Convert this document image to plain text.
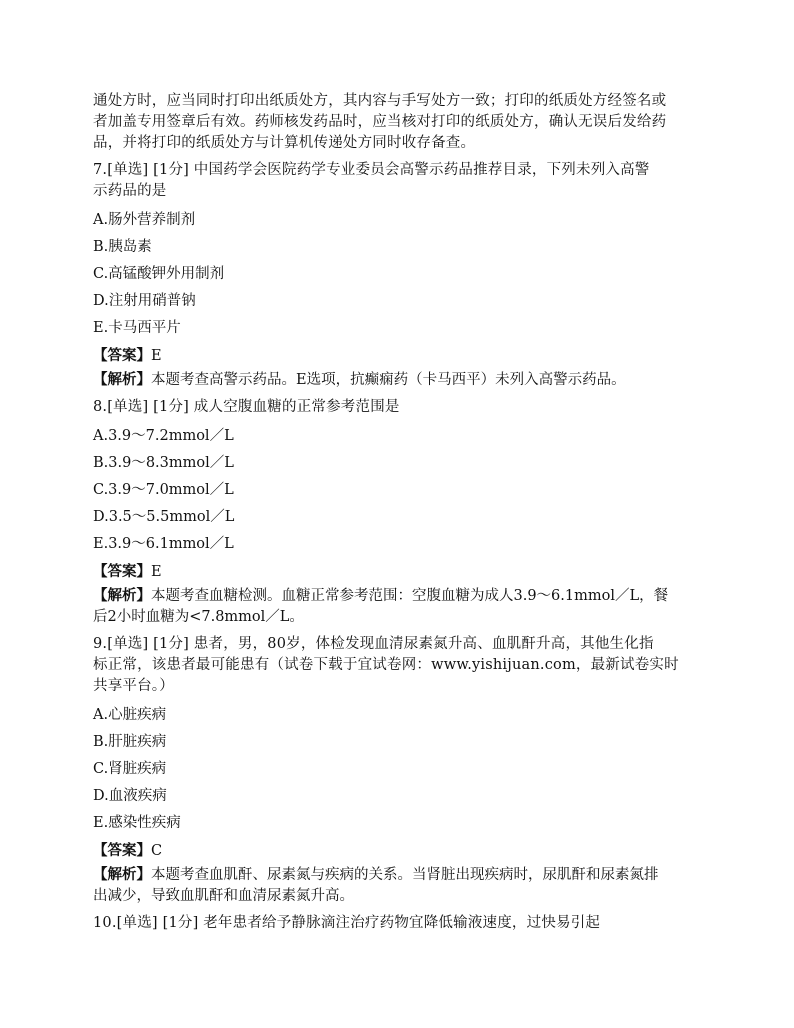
通处方时，应当同时打印出纸质处方，其内容与手写处方一致；打印的纸质处方经签名或
者加盖专用签章后有效。药师核发药品时，应当核对打印的纸质处方，确认无误后发给药
品，并将打印的纸质处方与计算机传递处方同时收存备查。
7.[单选] [1分] 中国药学会医院药学专业委员会高警示药品推荐目录，下列未列入高警
示药品的是
A.肠外营养制剂
B.胰岛素
C.高锰酸钾外用制剂
D.注射用硝普钠
E.卡马西平片
【答案】E
【解析】本题考查高警示药品。E选项，抗癫痫药（卡马西平）未列入高警示药品。
8.[单选] [1分] 成人空腹血糖的正常参考范围是
A.3.9～7.2mmol／L
B.3.9～8.3mmol／L
C.3.9～7.0mmol／L
D.3.5～5.5mmol／L
E.3.9～6.1mmol／L
【答案】E
【解析】本题考查血糖检测。血糖正常参考范围：空腹血糖为成人3.9～6.1mmol／L，餐
后2小时血糖为<7.8mmol／L。
9.[单选] [1分] 患者，男，80岁，体检发现血清尿素氮升高、血肌酐升高，其他生化指
标正常，该患者最可能患有（试卷下载于宜试卷网：www.yishijuan.com，最新试卷实时
共享平台。）
A.心脏疾病
B.肝脏疾病
C.肾脏疾病
D.血液疾病
E.感染性疾病
【答案】C
【解析】本题考查血肌酐、尿素氮与疾病的关系。当肾脏出现疾病时，尿肌酐和尿素氮排
出减少，导致血肌酐和血清尿素氮升高。
10.[单选] [1分] 老年患者给予静脉滴注治疗药物宜降低输液速度，过快易引起
